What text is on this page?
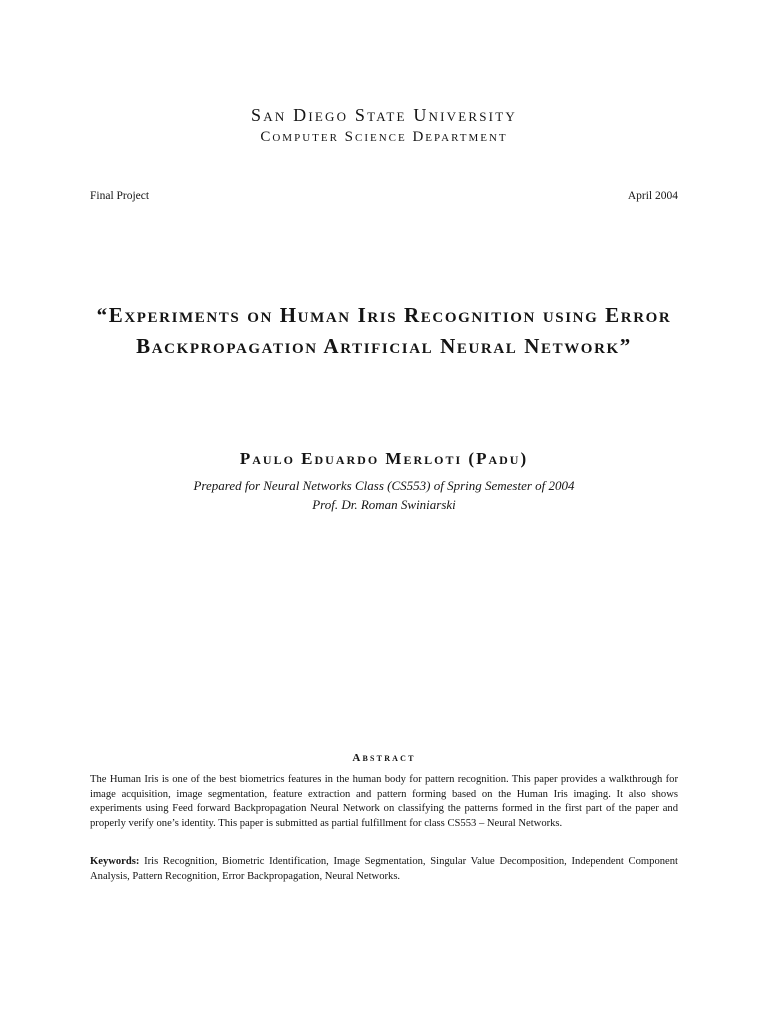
San Diego State University
Computer Science Department
Final Project	April 2004
“Experiments on Human Iris Recognition using Error Backpropagation Artificial Neural Network”
Paulo Eduardo Merloti (Padu)
Prepared for Neural Networks Class (CS553) of Spring Semester of 2004
Prof. Dr. Roman Swiniarski
Abstract

The Human Iris is one of the best biometrics features in the human body for pattern recognition. This paper provides a walkthrough for image acquisition, image segmentation, feature extraction and pattern forming based on the Human Iris imaging. It also shows experiments using Feed forward Backpropagation Neural Network on classifying the patterns formed in the first part of the paper and properly verify one’s identity. This paper is submitted as partial fulfillment for class CS553 – Neural Networks.

Keywords: Iris Recognition, Biometric Identification, Image Segmentation, Singular Value Decomposition, Independent Component Analysis, Pattern Recognition, Error Backpropagation, Neural Networks.
